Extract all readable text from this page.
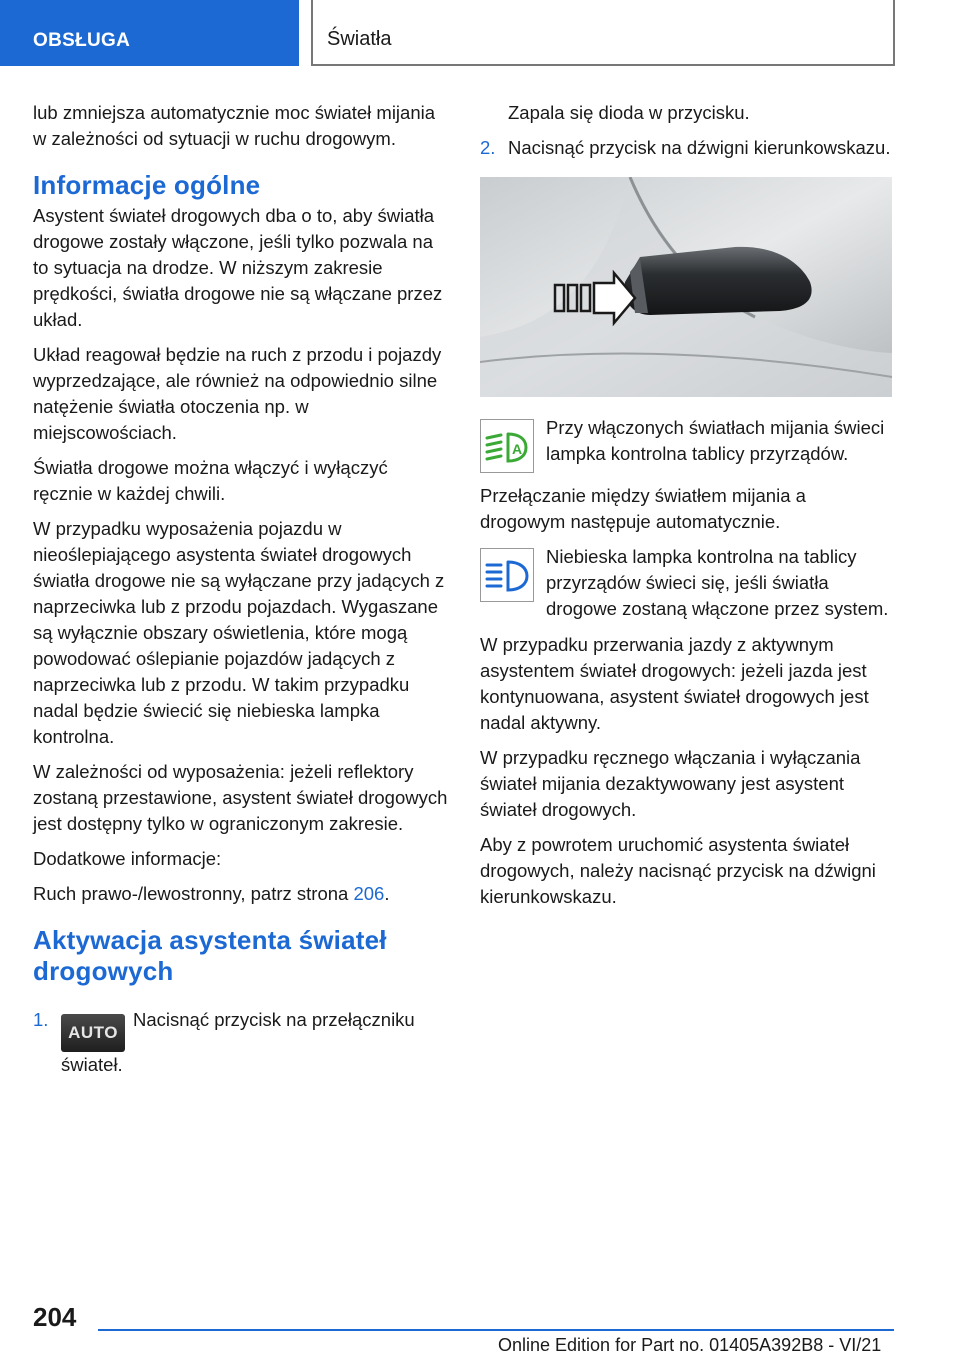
OBSŁUGA	Światła

lub zmniejsza automatycznie moc świateł mijania w zależności od sytuacji w ruchu drogowym.

Informacje ogólne

Asystent świateł drogowych dba o to, aby światła drogowe zostały włączone, jeśli tylko pozwala na to sytuacja na drodze. W niższym zakresie prędkości, światła drogowe nie są włączane przez układ.

Układ reagował będzie na ruch z przodu i pojazdy wyprzedzające, ale również na odpowiednio silne natężenie światła otoczenia np. w miejscowościach.

Światła drogowe można włączyć i wyłączyć ręcznie w każdej chwili.

W przypadku wyposażenia pojazdu w nieoślepiającego asystenta świateł drogowych światła drogowe nie są wyłączane przy jadących z naprzeciwka lub z przodu pojazdach. Wygaszane są wyłącznie obszary oświetlenia, które mogą powodować oślepianie pojazdów jadących z naprzeciwka lub z przodu. W takim przypadku nadal będzie świecić się niebieska lampka kontrolna.

W zależności od wyposażenia: jeżeli reflektory zostaną przestawione, asystent świateł drogowych jest dostępny tylko w ograniczonym zakresie.

Dodatkowe informacje:

Ruch prawo-/lewostronny, patrz strona 206.

Aktywacja asystenta świateł drogowych
1.
AUTONacisnąć przycisk na przełączniku świateł.
Zapala się dioda w przycisku.
2. Nacisnąć przycisk na dźwigni kierunkowskazu.
A
Przy włączonych światłach mijania świeci lampka kontrolna tablicy przyrządów.

Przełączanie między światłem mijania a drogowym następuje automatycznie.

Niebieska lampka kontrolna na tablicy przyrządów świeci się, jeśli światła drogowe zostaną włączone przez system.

W przypadku przerwania jazdy z aktywnym asystentem świateł drogowych: jeżeli jazda jest kontynuowana, asystent świateł drogowych jest nadal aktywny.

W przypadku ręcznego włączania i wyłączania świateł mijania dezaktywowany jest asystent świateł drogowych.

Aby z powrotem uruchomić asystenta świateł drogowych, należy nacisnąć przycisk na dźwigni kierunkowskazu.

204
Online Edition for Part no. 01405A392B8 - VI/21
